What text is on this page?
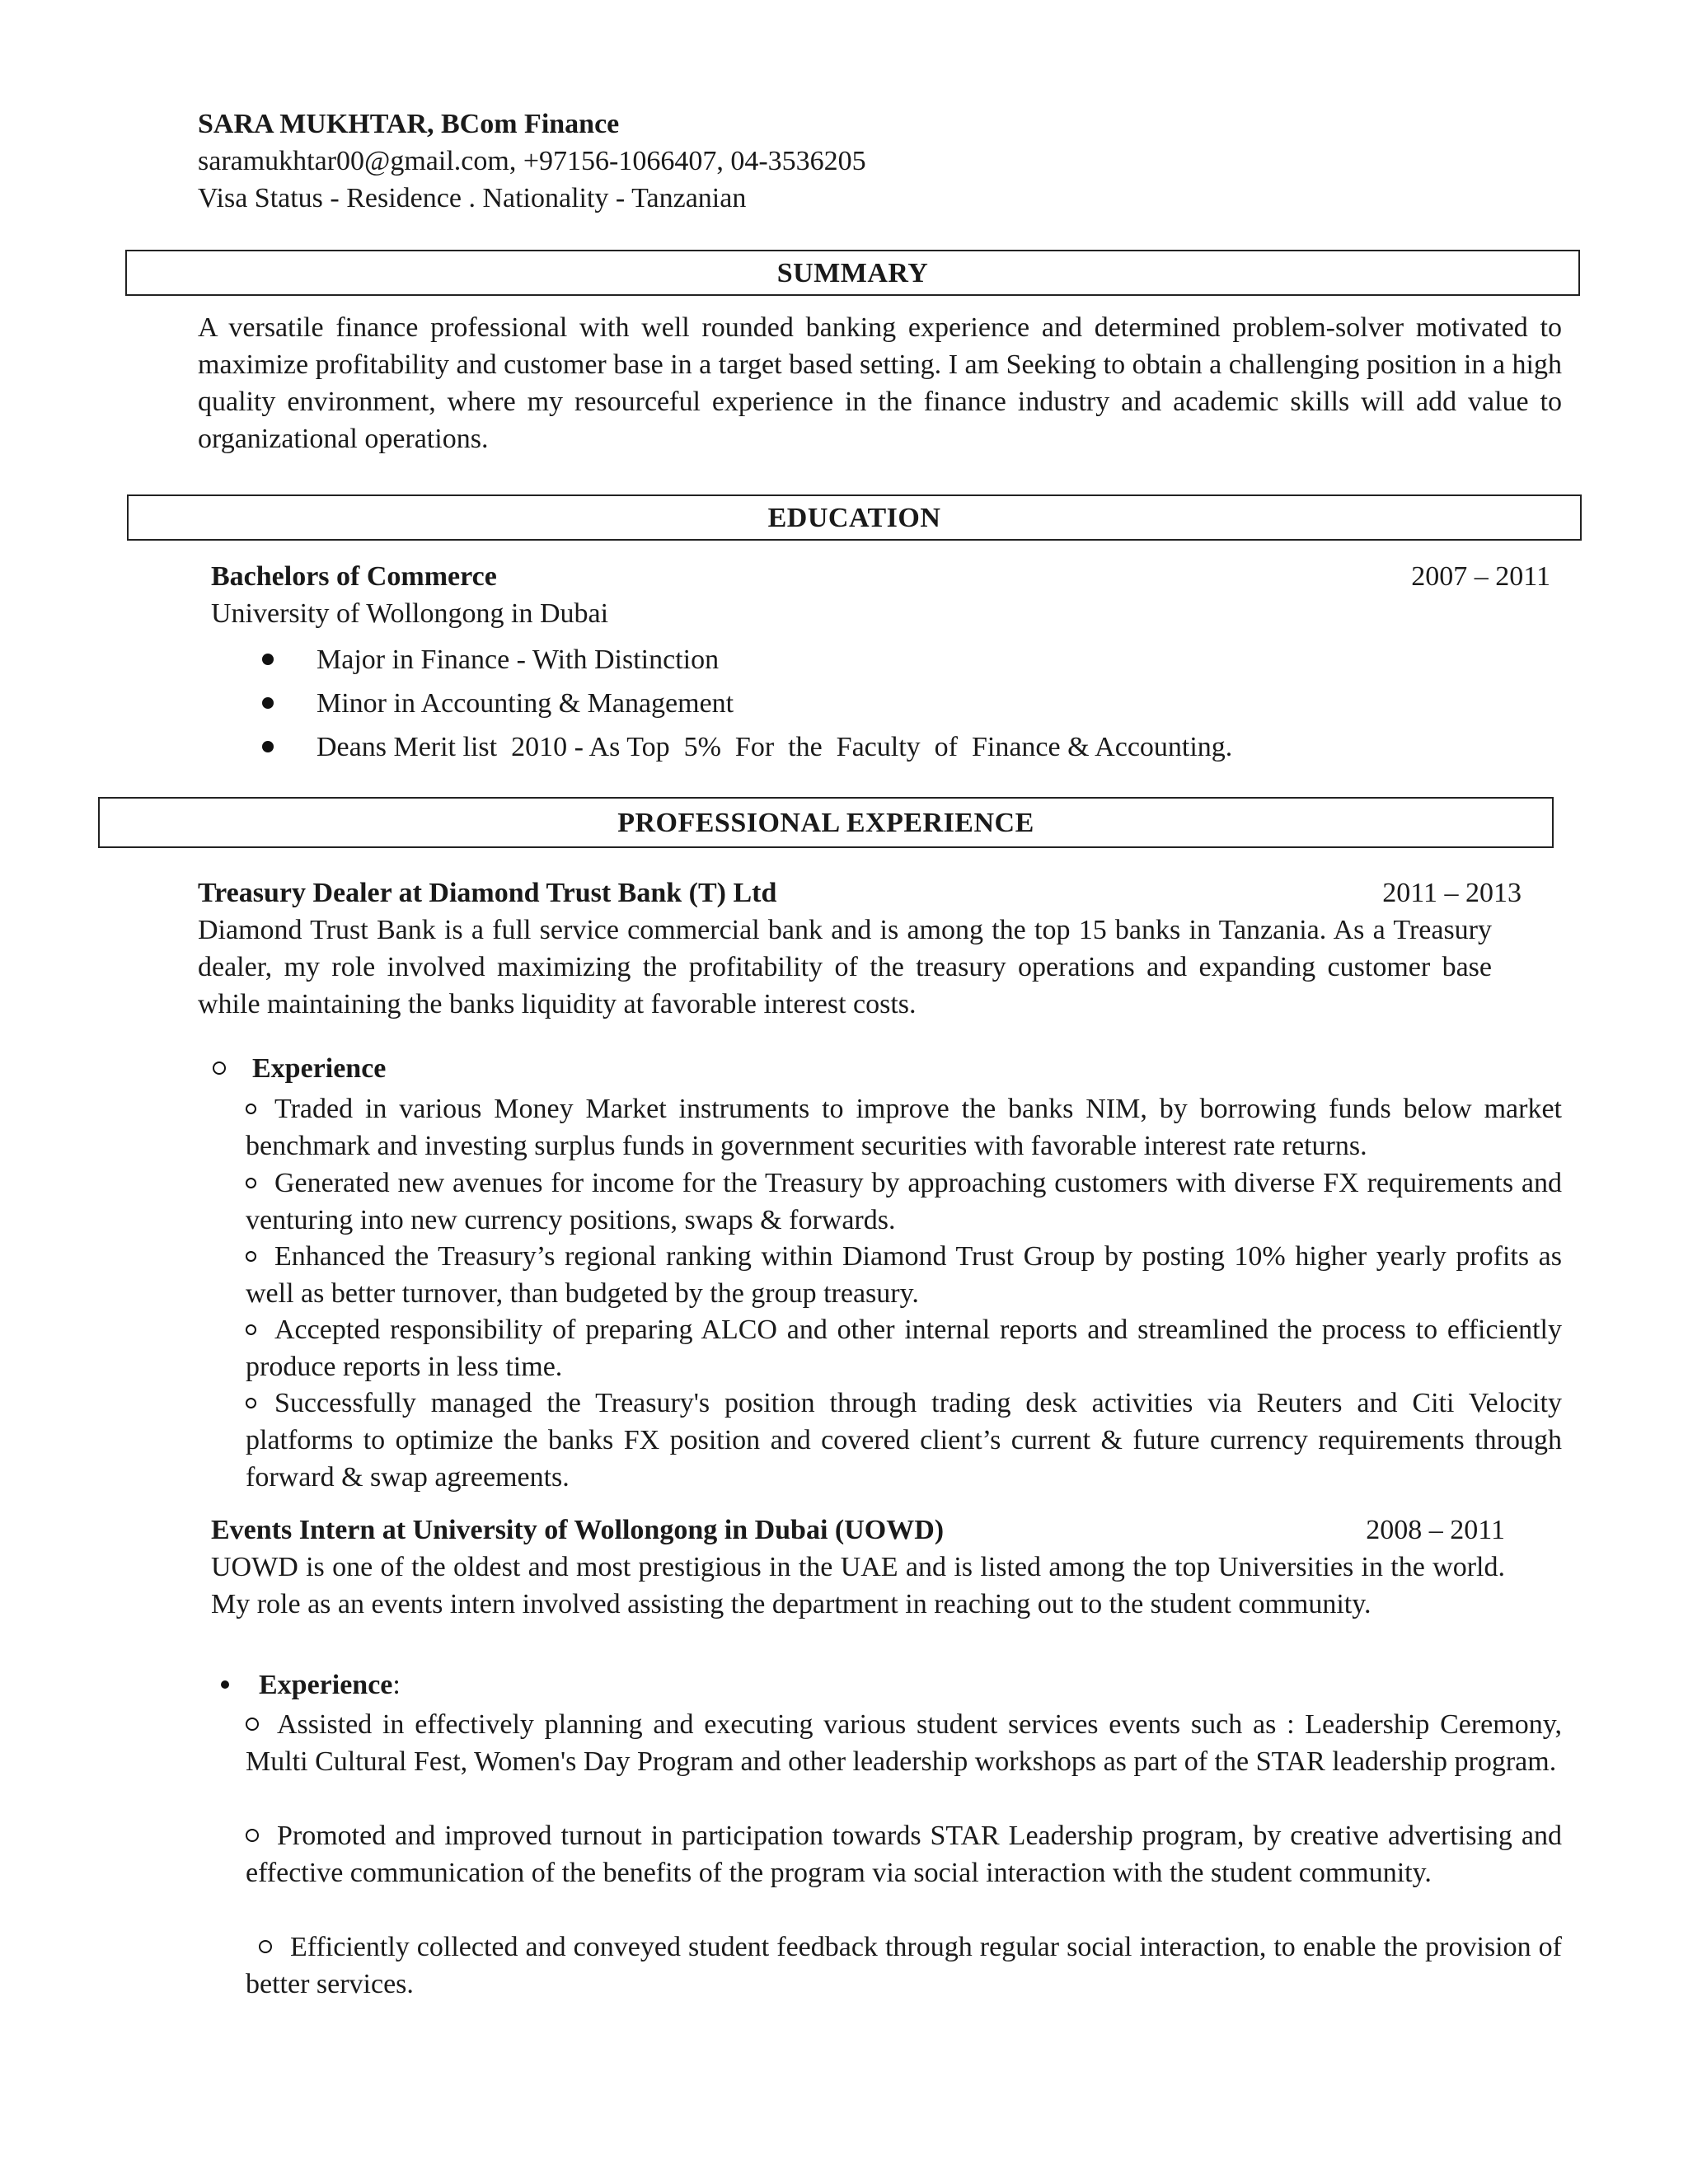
SARA MUKHTAR, BCom Finance
saramukhtar00@gmail.com, +97156-1066407, 04-3536205
Visa Status - Residence . Nationality - Tanzanian
SUMMARY
A versatile finance professional with well rounded banking experience and determined problem-solver motivated to maximize profitability and customer base in a target based setting. I am Seeking to obtain a challenging position in a high quality environment, where my resourceful experience in the finance industry and academic skills will add value to organizational operations.
EDUCATION
Bachelors of Commerce	2007 – 2011
University of Wollongong in Dubai
Major in Finance - With Distinction
Minor in Accounting & Management
Deans Merit list  2010 - As Top  5%  For  the  Faculty  of  Finance & Accounting.
PROFESSIONAL EXPERIENCE
Treasury Dealer at Diamond Trust Bank (T) Ltd	2011 – 2013
Diamond Trust Bank is a full service commercial bank and is among the top 15 banks in Tanzania. As a Treasury dealer, my role involved maximizing the profitability of the treasury operations and expanding customer base while maintaining the banks liquidity at favorable interest costs.
Experience
Traded in various Money Market instruments to improve the banks NIM, by borrowing funds below market benchmark and investing surplus funds in government securities with favorable interest rate returns.
Generated new avenues for income for the Treasury by approaching customers with diverse FX requirements and venturing into new currency positions, swaps & forwards.
Enhanced the Treasury’s regional ranking within Diamond Trust Group by posting 10% higher yearly profits as well as better turnover, than budgeted by the group treasury.
Accepted responsibility of preparing ALCO and other internal reports and streamlined the process to efficiently produce reports in less time.
Successfully managed the Treasury's position through trading desk activities via Reuters and Citi Velocity platforms to optimize the banks FX position and covered client’s current & future currency requirements through forward & swap agreements.
Events Intern at University of Wollongong in Dubai (UOWD)	2008 – 2011
UOWD is one of the oldest and most prestigious in the UAE and is listed among the top Universities in the world. My role as an events intern involved assisting the department in reaching out to the student community.
Experience:
Assisted in effectively planning and executing various student services events such as : Leadership Ceremony, Multi Cultural Fest, Women's Day Program and other leadership workshops as part of the STAR leadership program.
Promoted and improved turnout in participation towards STAR Leadership program, by creative advertising and effective communication of the benefits of the program via social interaction with the student community.
Efficiently collected and conveyed student feedback through regular social interaction, to enable the provision of better services.
